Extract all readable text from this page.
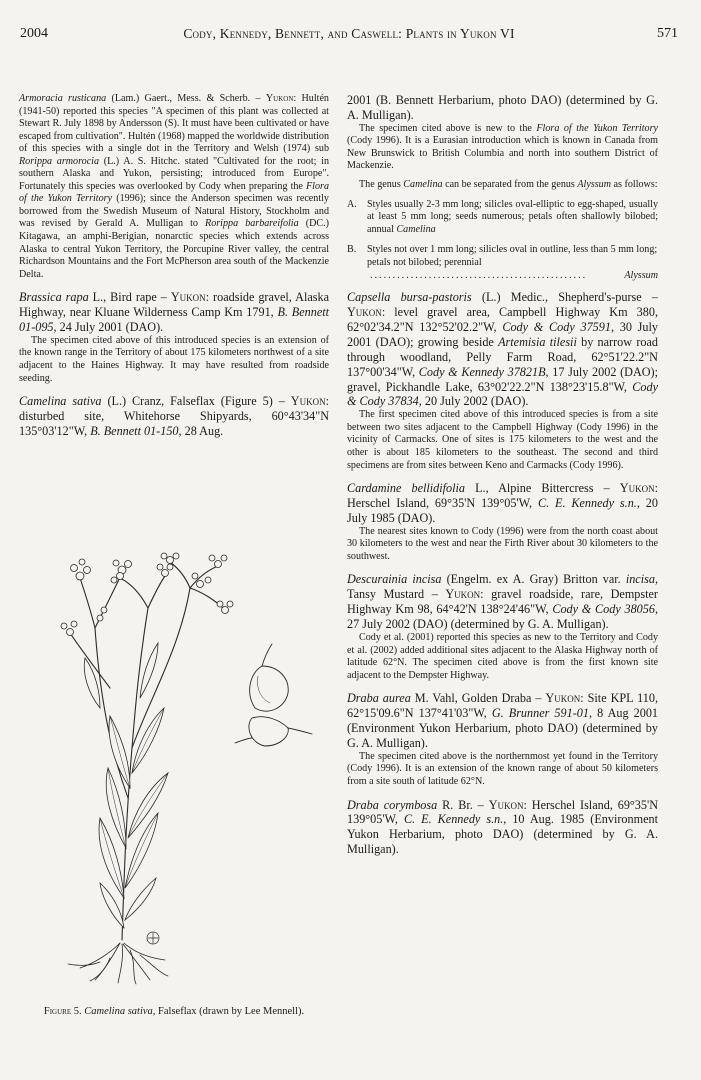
2004	Cody, Kennedy, Bennett, and Caswell: Plants in Yukon VI	571

Armoracia rusticana (Lam.) Gaert., Mess. & Scherb. – Yukon: Hultén (1941-50) reported this species "A specimen of this plant was collected at Stewart R. July 1898 by Andersson (S). It must have been cultivated or have escaped from cultivation". Hultén (1968) mapped the worldwide distribution of this species with a single dot in the Territory and Welsh (1974) sub Rorippa armorocia (L.) A. S. Hitchc. stated "Cultivated for the root; in southern Alaska and Yukon, persisting; introduced from Europe". Fortunately this species was overlooked by Cody when preparing the Flora of the Yukon Territory (1996); since the Anderson specimen was recently borrowed from the Swedish Museum of Natural History, Stockholm and was revised by Gerald A. Mulligan to Rorippa barbareifolia (DC.) Kitagawa, an amphi-Berigian, nonarctic species which extends across Alaska to central Yukon Territory, the Porcupine River valley, the central Richardson Mountains and the Fort McPherson area south of the Mackenzie Delta.

Brassica rapa L., Bird rape – Yukon: roadside gravel, Alaska Highway, near Kluane Wilderness Camp Km 1791, B. Bennett 01-095, 24 July 2001 (DAO).

The specimen cited above of this introduced species is an extension of the known range in the Territory of about 175 kilometers northwest of a site adjacent to the Haines Highway. It may have resulted from roadside seeding.

Camelina sativa (L.) Cranz, Falseflax (Figure 5) – Yukon: disturbed site, Whitehorse Shipyards, 60°43'34"N 135°03'12"W, B. Bennett 01-150, 28 Aug.

Figure 5. Camelina sativa, Falseflax (drawn by Lee Mennell).

2001 (B. Bennett Herbarium, photo DAO) (determined by G. A. Mulligan).

The specimen cited above is new to the Flora of the Yukon Territory (Cody 1996). It is a Eurasian introduction which is known in Canada from New Brunswick to British Columbia and north into southern District of Mackenzie.

The genus Camelina can be separated from the genus Alyssum as follows:

A.	Styles usually 2-3 mm long; silicles oval-elliptic to egg-shaped, usually at least 5 mm long; seeds numerous; petals often shallowly bilobed; annual Camelina
B.	Styles not over 1 mm long; silicles oval in outline, less than 5 mm long; petals not bilobed; perennial
................................................	Alyssum

Capsella bursa-pastoris (L.) Medic., Shepherd's-purse – Yukon: level gravel area, Campbell Highway Km 380, 62°02'34.2"N 132°52'02.2"W, Cody & Cody 37591, 30 July 2001 (DAO); growing beside Artemisia tilesii by narrow road through woodland, Pelly Farm Road, 62°51'22.2"N 137°00'34"W, Cody & Kennedy 37821B, 17 July 2002 (DAO); gravel, Pickhandle Lake, 63°02'22.2"N 138°23'15.8"W, Cody & Cody 37834, 20 July 2002 (DAO).

The first specimen cited above of this introduced species is from a site between two sites adjacent to the Campbell Highway (Cody 1996) in the vicinity of Carmacks. One of sites is 175 kilometers to the west and the other is about 185 kilometers to the southeast. The second and third specimens are from sites between Keno and Carmacks (Cody 1996).

Cardamine bellidifolia L., Alpine Bittercress – Yukon: Herschel Island, 69°35'N 139°05'W, C. E. Kennedy s.n., 20 July 1985 (DAO).

The nearest sites known to Cody (1996) were from the north coast about 30 kilometers to the west and near the Firth River about 30 kilometers to the southwest.

Descurainia incisa (Engelm. ex A. Gray) Britton var. incisa, Tansy Mustard – Yukon: gravel roadside, rare, Dempster Highway Km 98, 64°42'N 138°24'46"W, Cody & Cody 38056, 27 July 2002 (DAO) (determined by G. A. Mulligan).

Cody et al. (2001) reported this species as new to the Territory and Cody et al. (2002) added additional sites adjacent to the Alaska Highway north of latitude 62°N. The specimen cited above is from the first known site adjacent to the Dempster Highway.

Draba aurea M. Vahl, Golden Draba – Yukon: Site KPL 110, 62°15'09.6"N 137°41'03"W, G. Brunner 591-01, 8 Aug 2001 (Environment Yukon Herbarium, photo DAO) (determined by G. A. Mulligan).

The specimen cited above is the northernmost yet found in the Territory (Cody 1996). It is an extension of the known range of about 50 kilometers from a site south of latitude 62°N.

Draba corymbosa R. Br. – Yukon: Herschel Island, 69°35'N 139°05'W, C. E. Kennedy s.n., 10 Aug. 1985 (Environment Yukon Herbarium, photo DAO) (determined by G. A. Mulligan).
